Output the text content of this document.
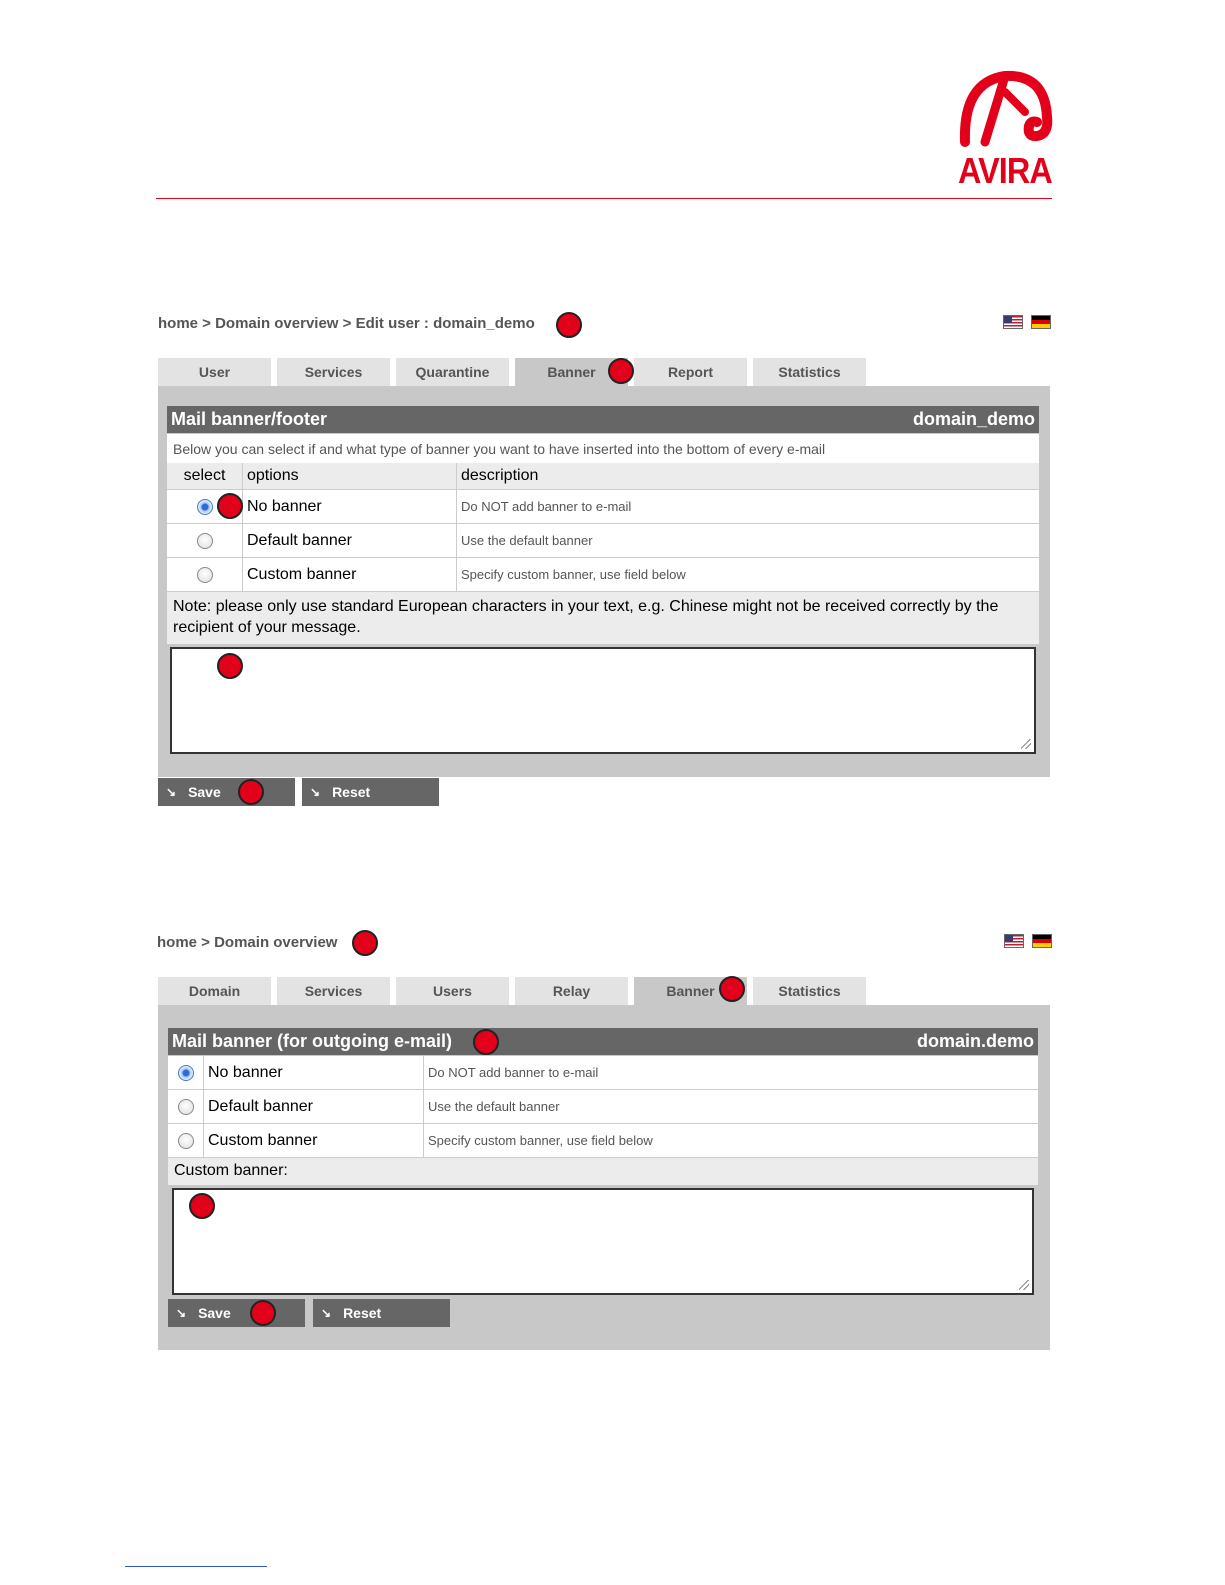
AVIRA
home > Domain overview > Edit user : domain_demo
User	Services	Quarantine	Banner	Report	Statistics
Mail banner/footer	domain_demo
Below you can select if and what type of banner you want to have inserted into the bottom of every e-mail
select options	description
No banner	Do NOT add banner to e-mail
Default banner	Use the default banner
Custom banner	Specify custom banner, use field below
Note: please only use standard European characters in your text, e.g. Chinese might not be received correctly by the recipient of your message.
↘ Save	↘ Reset
home > Domain overview
Domain	Services	Users	Relay	Banner	Statistics
Mail banner (for outgoing e-mail)	domain.demo
No banner	Do NOT add banner to e-mail
Default banner	Use the default banner
Custom banner	Specify custom banner, use field below
Custom banner:
↘ Save	↘ Reset
